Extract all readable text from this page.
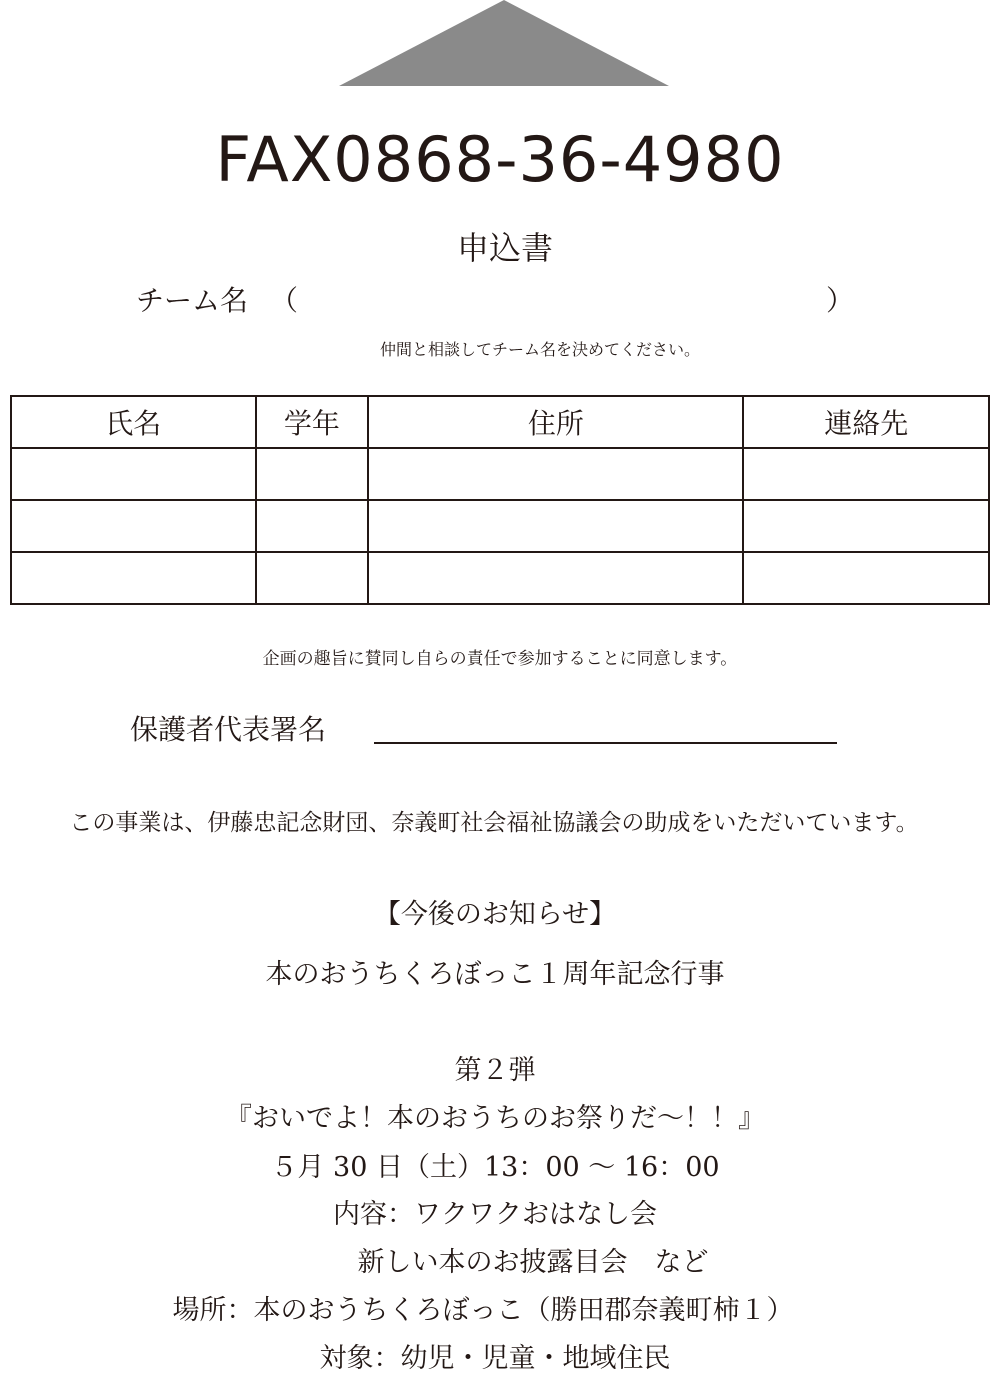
FAX0868-36-4980
申込書
チーム名 （	）
仲間と相談してチーム名を決めてください。
氏名	学年	住所	連絡先

企画の趣旨に賛同し自らの責任で参加することに同意します。
保護者代表署名
この事業は、伊藤忠記念財団、奈義町社会福祉協議会の助成をいただいています。
【今後のお知らせ】
本のおうちくろぼっこ１周年記念行事
第２弾
『おいでよ！本のおうちのお祭りだ～！！』
５月 30 日（土）13：00 ～ 16：00
内容：ワクワクおはなし会
新しい本のお披露目会　など
場所：本のおうちくろぼっこ（勝田郡奈義町柿１）
対象：幼児・児童・地域住民
